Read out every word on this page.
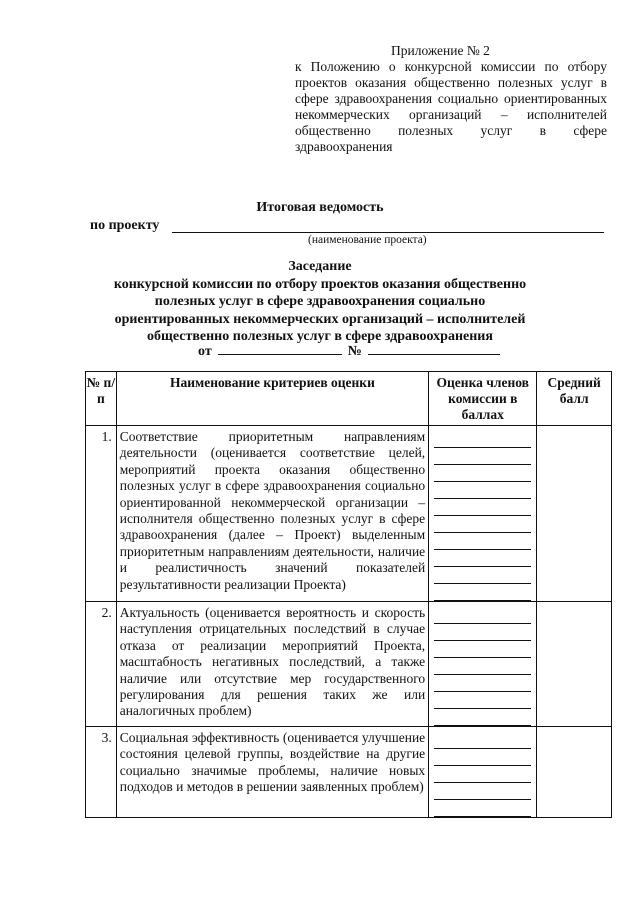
Приложение № 2
к Положению о конкурсной комиссии по отбору проектов оказания общественно полезных услуг в сфере здравоохранения социально ориентированных некоммерческих организаций – исполнителей общественно полезных услуг в сфере здравоохранения
Итоговая ведомость
по проекту
(наименование проекта)
Заседание
конкурсной комиссии по отбору проектов оказания общественно полезных услуг в сфере здравоохранения социально ориентированных некоммерческих организаций – исполнителей общественно полезных услуг в сфере здравоохранения
от	№
№ п/п	Наименование критериев оценки	Оценка членов комиссии в баллах	Средний балл
1.	Соответствие приоритетным направлениям деятельности (оценивается соответствие целей, мероприятий проекта оказания общественно полезных услуг в сфере здравоохранения социально ориентированной некоммерческой организации – исполнителя общественно полезных услуг в сфере здравоохранения (далее – Проект) выделенным приоритетным направлениям деятельности, наличие и реалистичность значений показателей результативности реализации Проекта)	

2.	Актуальность (оценивается вероятность и скорость наступления отрицательных последствий в случае отказа от реализации мероприятий Проекта, масштабность негативных последствий, а также наличие или отсутствие мер государственного регулирования для решения таких же или аналогичных проблем)	

3.	Социальная эффективность (оценивается улучшение состояния целевой группы, воздействие на другие социально значимые проблемы, наличие новых подходов и методов в решении заявленных проблем)	
